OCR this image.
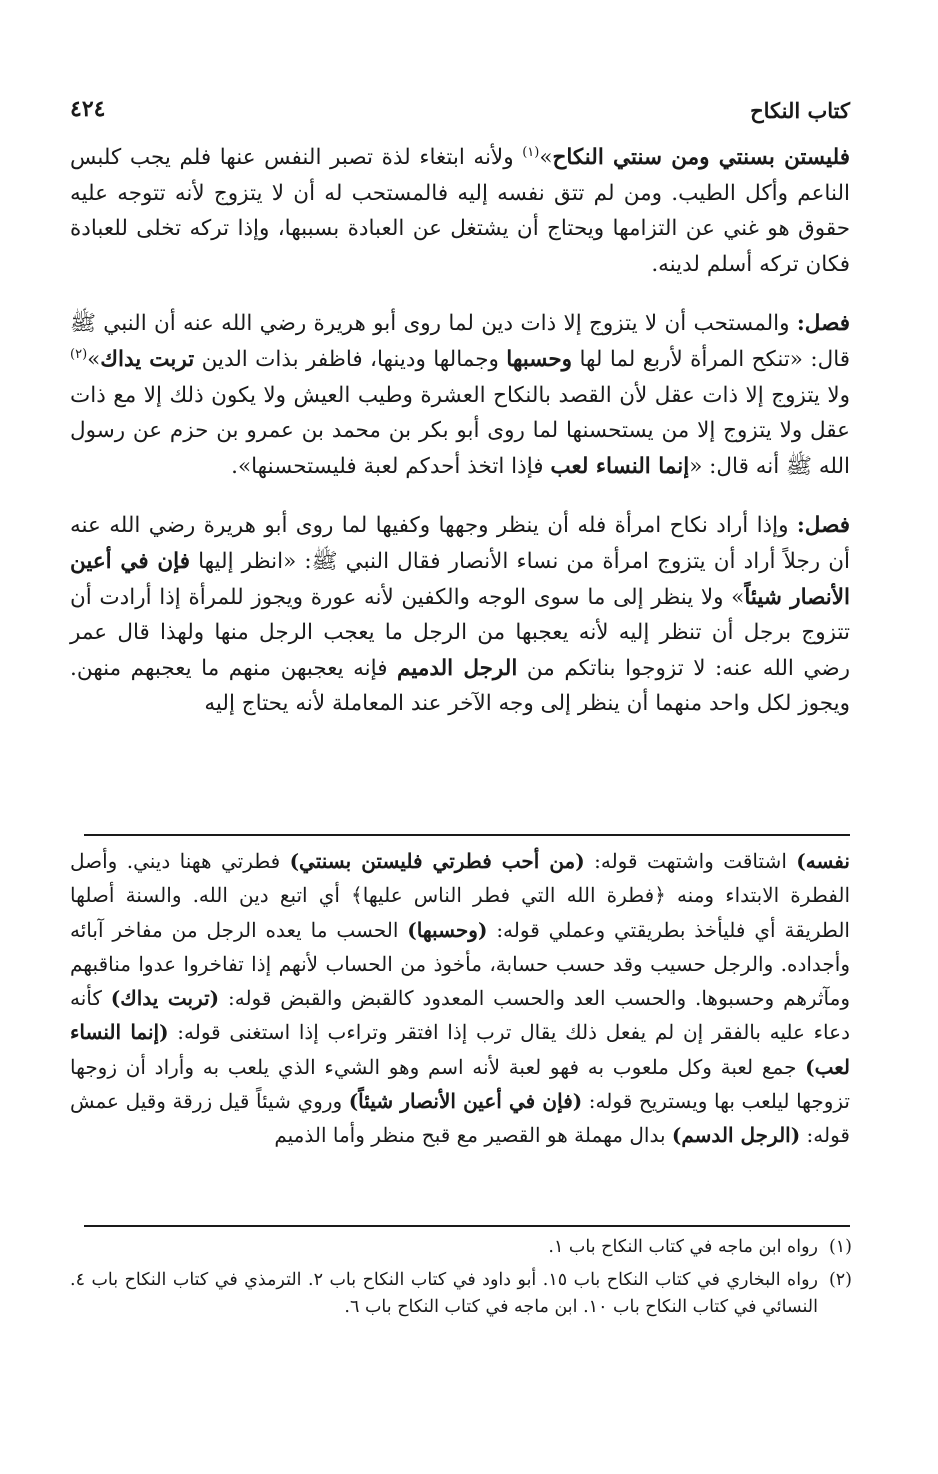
كتاب النكاح
٤٢٤

فليستن بسنتي ومن سنتي النكاح»$^{(١)}$ ولأنه ابتغاء لذة تصبر النفس عنها فلم يجب كلبس الناعم وأكل الطيب. ومن لم تتق نفسه إليه فالمستحب له أن لا يتزوج لأنه تتوجه عليه حقوق هو غني عن التزامها ويحتاج أن يشتغل عن العبادة بسببها، وإذا تركه تخلى للعبادة فكان تركه أسلم لدينه.

فصل: والمستحب أن لا يتزوج إلا ذات دين لما روى أبو هريرة رضي الله عنه أن النبي ﷺ قال: «تنكح المرأة لأربع لما لها وحسبها وجمالها ودينها، فاظفر بذات الدين تربت يداك»$^{(٢)}$ ولا يتزوج إلا ذات عقل لأن القصد بالنكاح العشرة وطيب العيش ولا يكون ذلك إلا مع ذات عقل ولا يتزوج إلا من يستحسنها لما روى أبو بكر بن محمد بن عمرو بن حزم عن رسول الله ﷺ أنه قال: «إنما النساء لعب فإذا اتخذ أحدكم لعبة فليستحسنها».

فصل: وإذا أراد نكاح امرأة فله أن ينظر وجهها وكفيها لما روى أبو هريرة رضي الله عنه أن رجلاً أراد أن يتزوج امرأة من نساء الأنصار فقال النبي ﷺ: «انظر إليها فإن في أعين الأنصار شيئاً» ولا ينظر إلى ما سوى الوجه والكفين لأنه عورة ويجوز للمرأة إذا أرادت أن تتزوج برجل أن تنظر إليه لأنه يعجبها من الرجل ما يعجب الرجل منها ولهذا قال عمر رضي الله عنه: لا تزوجوا بناتكم من الرجل الدميم فإنه يعجبهن منهم ما يعجبهم منهن. ويجوز لكل واحد منهما أن ينظر إلى وجه الآخر عند المعاملة لأنه يحتاج إليه

نفسه) اشتاقت واشتهت قوله: (من أحب فطرتي فليستن بسنتي) فطرتي ههنا ديني. وأصل الفطرة الابتداء ومنه ﴿فطرة الله التي فطر الناس عليها﴾ أي اتبع دين الله. والسنة أصلها الطريقة أي فليأخذ بطريقتي وعملي قوله: (وحسبها) الحسب ما يعده الرجل من مفاخر آبائه وأجداده. والرجل حسيب وقد حسب حسابة، مأخوذ من الحساب لأنهم إذا تفاخروا عدوا مناقبهم ومآثرهم وحسبوها. والحسب العد والحسب المعدود كالقبض والقبض قوله: (تربت يداك) كأنه دعاء عليه بالفقر إن لم يفعل ذلك يقال ترب إذا افتقر وتراءب إذا استغنى قوله: (إنما النساء لعب) جمع لعبة وكل ملعوب به فهو لعبة لأنه اسم وهو الشيء الذي يلعب به وأراد أن زوجها تزوجها ليلعب بها ويستريح قوله: (فإن في أعين الأنصار شيئاً) وروي شيئاً قيل زرقة وقيل عمش قوله: (الرجل الدسم) بدال مهملة هو القصير مع قبح منظر وأما الذميم

(١)
رواه ابن ماجه في كتاب النكاح باب ١.
(٢)
رواه البخاري في كتاب النكاح باب ١٥. أبو داود في كتاب النكاح باب ٢. الترمذي في كتاب النكاح باب ٤. النسائي في كتاب النكاح باب ١٠. ابن ماجه في كتاب النكاح باب ٦.
